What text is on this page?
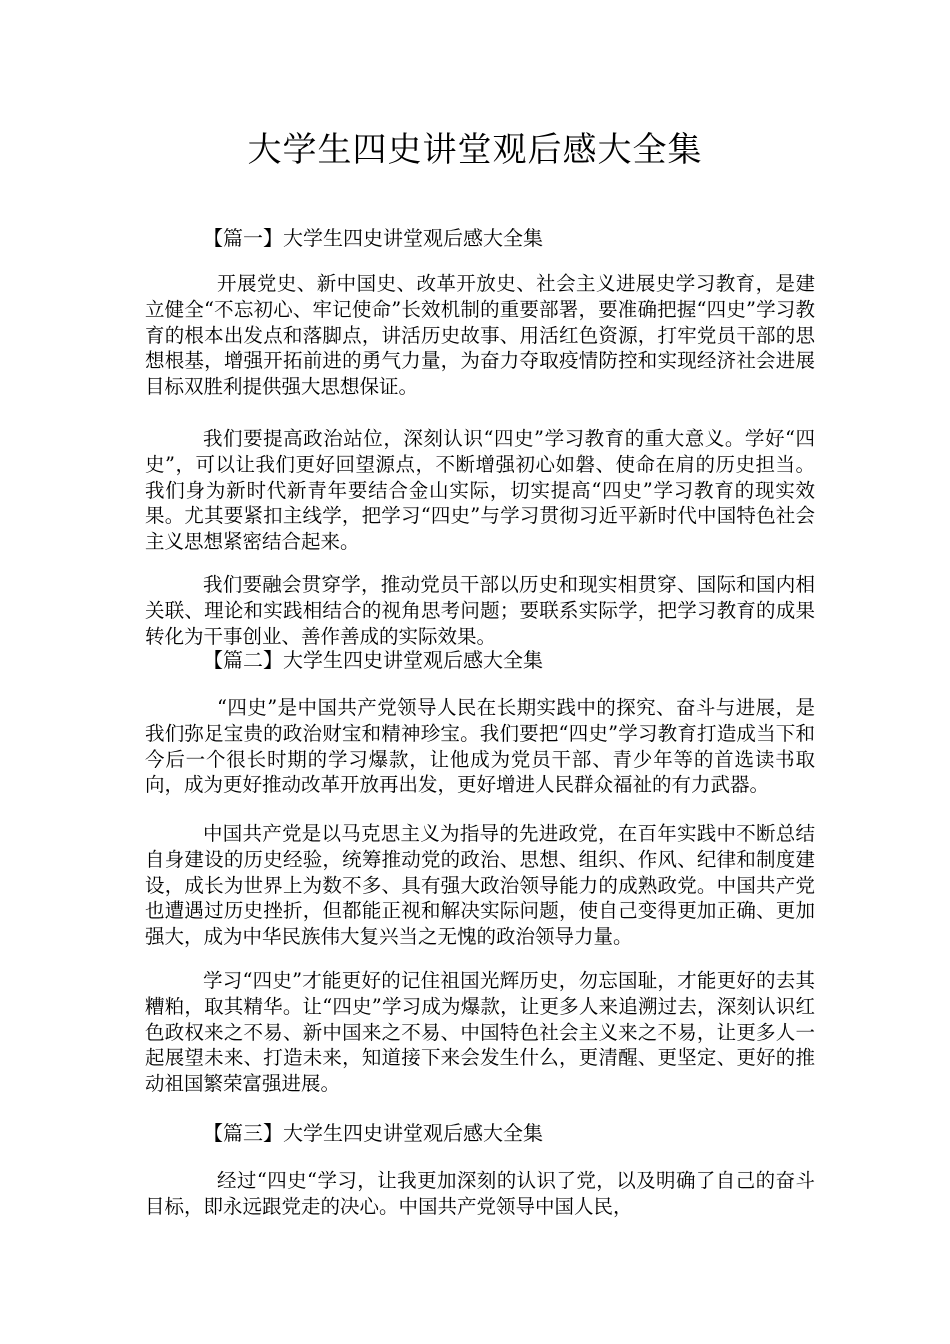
大学生四史讲堂观后感大全集
【篇一】大学生四史讲堂观后感大全集
开展党史、新中国史、改革开放史、社会主义进展史学习教育，是建立健全“不忘初心、牢记使命”长效机制的重要部署，要准确把握“四史”学习教育的根本出发点和落脚点，讲活历史故事、用活红色资源，打牢党员干部的思想根基，增强开拓前进的勇气力量，为奋力夺取疫情防控和实现经济社会进展目标双胜利提供强大思想保证。
我们要提高政治站位，深刻认识“四史”学习教育的重大意义。学好“四史”，可以让我们更好回望源点，不断增强初心如磐、使命在肩的历史担当。我们身为新时代新青年要结合金山实际，切实提高“四史”学习教育的现实效果。尤其要紧扣主线学，把学习“四史”与学习贯彻习近平新时代中国特色社会主义思想紧密结合起来。
我们要融会贯穿学，推动党员干部以历史和现实相贯穿、国际和国内相关联、理论和实践相结合的视角思考问题；要联系实际学，把学习教育的成果转化为干事创业、善作善成的实际效果。
【篇二】大学生四史讲堂观后感大全集
“四史”是中国共产党领导人民在长期实践中的探究、奋斗与进展，是我们弥足宝贵的政治财宝和精神珍宝。我们要把“四史”学习教育打造成当下和今后一个很长时期的学习爆款，让他成为党员干部、青少年等的首选读书取向，成为更好推动改革开放再出发，更好增进人民群众福祉的有力武器。
中国共产党是以马克思主义为指导的先进政党，在百年实践中不断总结自身建设的历史经验，统筹推动党的政治、思想、组织、作风、纪律和制度建设，成长为世界上为数不多、具有强大政治领导能力的成熟政党。中国共产党也遭遇过历史挫折，但都能正视和解决实际问题，使自己变得更加正确、更加强大，成为中华民族伟大复兴当之无愧的政治领导力量。
学习“四史”才能更好的记住祖国光辉历史，勿忘国耻，才能更好的去其糟粕，取其精华。让“四史”学习成为爆款，让更多人来追溯过去，深刻认识红色政权来之不易、新中国来之不易、中国特色社会主义来之不易，让更多人一起展望未来、打造未来，知道接下来会发生什么，更清醒、更坚定、更好的推动祖国繁荣富强进展。
【篇三】大学生四史讲堂观后感大全集
经过“四史“学习，让我更加深刻的认识了党，以及明确了自己的奋斗目标，即永远跟党走的决心。中国共产党领导中国人民，
